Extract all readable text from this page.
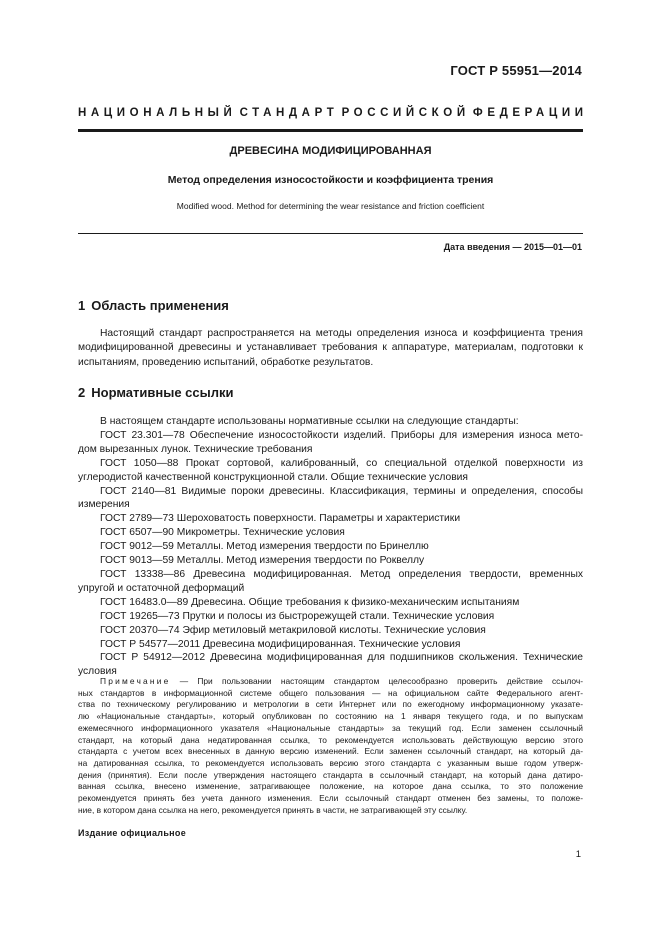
ГОСТ Р 55951—2014
НАЦИОНАЛЬНЫЙ СТАНДАРТ РОССИЙСКОЙ ФЕДЕРАЦИИ
ДРЕВЕСИНА МОДИФИЦИРОВАННАЯ
Метод определения износостойкости и коэффициента трения
Modified wood. Method for determining the wear resistance and friction coefficient
Дата введения — 2015—01—01
1 Область применения
Настоящий стандарт распространяется на методы определения износа и коэффициента трения
модифицированной древесины и устанавливает требования к аппаратуре, материалам, подготовки к
испытаниям, проведению испытаний, обработке результатов.
2 Нормативные ссылки
В настоящем стандарте использованы нормативные ссылки на следующие стандарты:
ГОСТ 23.301—78 Обеспечение износостойкости изделий. Приборы для измерения износа мето-
дом вырезанных лунок. Технические требования
ГОСТ 1050—88 Прокат сортовой, калиброванный, со специальной отделкой поверхности из
углеродистой качественной конструкционной стали. Общие технические условия
ГОСТ 2140—81 Видимые пороки древесины. Классификация, термины и определения, способы
измерения
ГОСТ 2789—73 Шероховатость поверхности. Параметры и характеристики
ГОСТ 6507—90 Микрометры. Технические условия
ГОСТ 9012—59 Металлы. Метод измерения твердости по Бринеллю
ГОСТ 9013—59 Металлы. Метод измерения твердости по Роквеллу
ГОСТ 13338—86 Древесина модифицированная. Метод определения твердости, временных
упругой и остаточной деформаций
ГОСТ 16483.0—89 Древесина. Общие требования к физико-механическим испытаниям
ГОСТ 19265—73 Прутки и полосы из быстрорежущей стали. Технические условия
ГОСТ 20370—74 Эфир метиловый метакриловой кислоты. Технические условия
ГОСТ Р 54577—2011 Древесина модифицированная. Технические условия
ГОСТ Р 54912—2012 Древесина модифицированная для подшипников скольжения. Технические
условия
Примечание — При пользовании настоящим стандартом целесообразно проверить действие ссылоч-
ных стандартов в информационной системе общего пользования — на официальном сайте Федерального агент-
ства по техническому регулированию и метрологии в сети Интернет или по ежегодному информационному указате-
лю «Национальные стандарты», который опубликован по состоянию на 1 января текущего года, и по выпускам
ежемесячного информационного указателя «Национальные стандарты» за текущий год. Если заменен ссылочный
стандарт, на который дана недатированная ссылка, то рекомендуется использовать действующую версию этого
стандарта с учетом всех внесенных в данную версию изменений. Если заменен ссылочный стандарт, на который да-
на датированная ссылка, то рекомендуется использовать версию этого стандарта с указанным выше годом утверж-
дения (принятия). Если после утверждения настоящего стандарта в ссылочный стандарт, на который дана датиро-
ванная ссылка, внесено изменение, затрагивающее положение, на которое дана ссылка, то это положение
рекомендуется принять без учета данного изменения. Если ссылочный стандарт отменен без замены, то положе-
ние, в котором дана ссылка на него, рекомендуется принять в части, не затрагивающей эту ссылку.
Издание официальное
1
